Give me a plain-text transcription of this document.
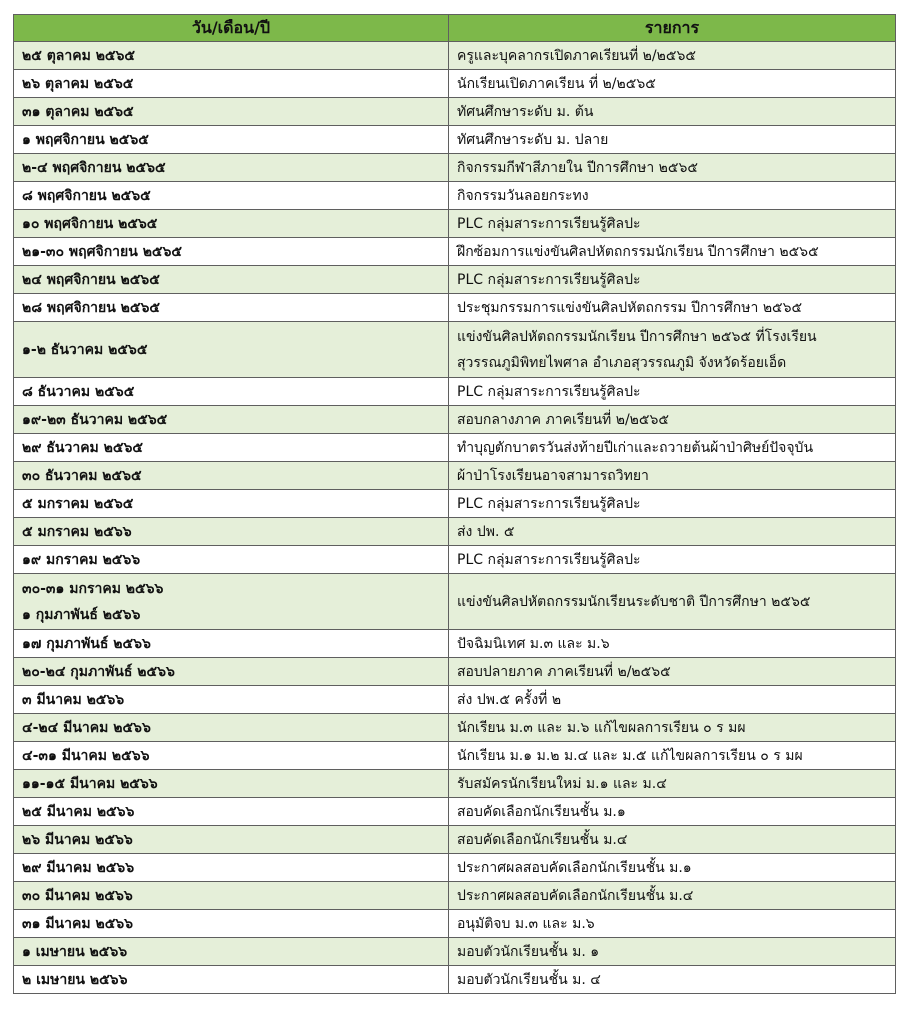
วัน/เดือน/ปี	รายการ

๒๕ ตุลาคม ๒๕๖๕	ครูและบุคลากรเปิดภาคเรียนที่ ๒/๒๕๖๕

๒๖ ตุลาคม ๒๕๖๕	นักเรียนเปิดภาคเรียน ที่ ๒/๒๕๖๕

๓๑ ตุลาคม ๒๕๖๕	ทัศนศึกษาระดับ ม. ต้น

๑ พฤศจิกายน ๒๕๖๕	ทัศนศึกษาระดับ ม. ปลาย

๒-๔ พฤศจิกายน ๒๕๖๕	กิจกรรมกีฬาสีภายใน ปีการศึกษา ๒๕๖๕

๘ พฤศจิกายน ๒๕๖๕	กิจกรรมวันลอยกระทง

๑๐ พฤศจิกายน ๒๕๖๕	PLC กลุ่มสาระการเรียนรู้ศิลปะ

๒๑-๓๐ พฤศจิกายน ๒๕๖๕	ฝึกซ้อมการแข่งขันศิลปหัตถกรรมนักเรียน ปีการศึกษา ๒๕๖๕

๒๔ พฤศจิกายน ๒๕๖๕	PLC กลุ่มสาระการเรียนรู้ศิลปะ

๒๘ พฤศจิกายน ๒๕๖๕	ประชุมกรรมการแข่งขันศิลปหัตถกรรม ปีการศึกษา ๒๕๖๕

๑-๒ ธันวาคม ๒๕๖๕	แข่งขันศิลปหัตถกรรมนักเรียน ปีการศึกษา ๒๕๖๕ ที่โรงเรียน
สุวรรณภูมิพิทยไพศาล อำเภอสุวรรณภูมิ จังหวัดร้อยเอ็ด

๘ ธันวาคม ๒๕๖๕	PLC กลุ่มสาระการเรียนรู้ศิลปะ

๑๙-๒๓ ธันวาคม ๒๕๖๕	สอบกลางภาค ภาคเรียนที่ ๒/๒๕๖๕

๒๙ ธันวาคม ๒๕๖๕	ทำบุญตักบาตรวันส่งท้ายปีเก่าและถวายต้นผ้าป่าศิษย์ปัจจุบัน

๓๐ ธันวาคม ๒๕๖๕	ผ้าป่าโรงเรียนอาจสามารถวิทยา

๕ มกราคม ๒๕๖๕	PLC กลุ่มสาระการเรียนรู้ศิลปะ

๕ มกราคม ๒๕๖๖	ส่ง ปพ. ๕

๑๙ มกราคม ๒๕๖๖	PLC กลุ่มสาระการเรียนรู้ศิลปะ

๓๐-๓๑ มกราคม ๒๕๖๖
๑ กุมภาพันธ์ ๒๕๖๖	แข่งขันศิลปหัตถกรรมนักเรียนระดับชาติ ปีการศึกษา ๒๕๖๕

๑๗ กุมภาพันธ์ ๒๕๖๖	ปัจฉิมนิเทศ ม.๓ และ ม.๖

๒๐-๒๔ กุมภาพันธ์ ๒๕๖๖	สอบปลายภาค ภาคเรียนที่ ๒/๒๕๖๕

๓ มีนาคม ๒๕๖๖	ส่ง ปพ.๕ ครั้งที่ ๒

๔-๒๔ มีนาคม ๒๕๖๖	นักเรียน ม.๓ และ ม.๖ แก้ไขผลการเรียน ๐ ร มผ

๔-๓๑ มีนาคม ๒๕๖๖	นักเรียน ม.๑ ม.๒ ม.๔ และ ม.๕ แก้ไขผลการเรียน ๐ ร มผ

๑๑-๑๕ มีนาคม ๒๕๖๖	รับสมัครนักเรียนใหม่ ม.๑ และ ม.๔

๒๕ มีนาคม ๒๕๖๖	สอบคัดเลือกนักเรียนชั้น ม.๑

๒๖ มีนาคม ๒๕๖๖	สอบคัดเลือกนักเรียนชั้น ม.๔

๒๙ มีนาคม ๒๕๖๖	ประกาศผลสอบคัดเลือกนักเรียนชั้น ม.๑

๓๐ มีนาคม ๒๕๖๖	ประกาศผลสอบคัดเลือกนักเรียนชั้น ม.๔

๓๑ มีนาคม ๒๕๖๖	อนุมัติจบ ม.๓ และ ม.๖

๑ เมษายน ๒๕๖๖	มอบตัวนักเรียนชั้น ม. ๑

๒ เมษายน ๒๕๖๖	มอบตัวนักเรียนชั้น ม. ๔
